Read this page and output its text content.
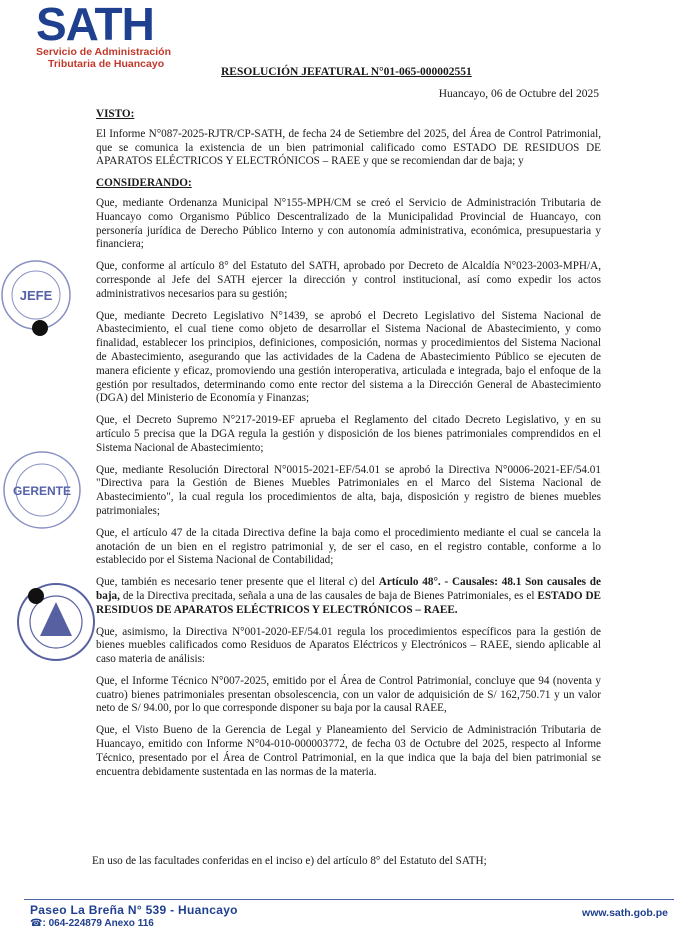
SATH
Servicio de Administración
Tributaria de Huancayo
RESOLUCIÓN JEFATURAL N°01-065-000002551
Huancayo, 06 de Octubre del 2025
VISTO:
El Informe N°087-2025-RJTR/CP-SATH, de fecha 24 de Setiembre del 2025, del Área de Control Patrimonial, que se comunica la existencia de un bien patrimonial calificado como ESTADO DE RESIDUOS DE APARATOS ELÉCTRICOS Y ELECTRÓNICOS – RAEE y que se recomiendan dar de baja; y
CONSIDERANDO:
Que, mediante Ordenanza Municipal N°155-MPH/CM se creó el Servicio de Administración Tributaria de Huancayo como Organismo Público Descentralizado de la Municipalidad Provincial de Huancayo, con personería jurídica de Derecho Público Interno y con autonomía administrativa, económica, presupuestaria y financiera;
Que, conforme al artículo 8° del Estatuto del SATH, aprobado por Decreto de Alcaldía N°023-2003-MPH/A, corresponde al Jefe del SATH ejercer la dirección y control institucional, así como expedir los actos administrativos necesarios para su gestión;
Que, mediante Decreto Legislativo N°1439, se aprobó el Decreto Legislativo del Sistema Nacional de Abastecimiento, el cual tiene como objeto de desarrollar el Sistema Nacional de Abastecimiento, y como finalidad, establecer los principios, definiciones, composición, normas y procedimientos del Sistema Nacional de Abastecimiento, asegurando que las actividades de la Cadena de Abastecimiento Público se ejecuten de manera eficiente y eficaz, promoviendo una gestión interoperativa, articulada e integrada, bajo el enfoque de la gestión por resultados, determinando como ente rector del sistema a la Dirección General de Abastecimiento (DGA) del Ministerio de Economía y Finanzas;
Que, el Decreto Supremo N°217-2019-EF aprueba el Reglamento del citado Decreto Legislativo, y en su artículo 5 precisa que la DGA regula la gestión y disposición de los bienes patrimoniales comprendidos en el Sistema Nacional de Abastecimiento;
Que, mediante Resolución Directoral N°0015-2021-EF/54.01 se aprobó la Directiva N°0006-2021-EF/54.01 "Directiva para la Gestión de Bienes Muebles Patrimoniales en el Marco del Sistema Nacional de Abastecimiento", la cual regula los procedimientos de alta, baja, disposición y registro de bienes muebles patrimoniales;
Que, el artículo 47 de la citada Directiva define la baja como el procedimiento mediante el cual se cancela la anotación de un bien en el registro patrimonial y, de ser el caso, en el registro contable, conforme a lo establecido por el Sistema Nacional de Contabilidad;
Que, también es necesario tener presente que el literal c) del Artículo 48°. - Causales: 48.1 Son causales de baja, de la Directiva precitada, señala a una de las causales de baja de Bienes Patrimoniales, es el ESTADO DE RESIDUOS DE APARATOS ELÉCTRICOS Y ELECTRÓNICOS – RAEE.
Que, asimismo, la Directiva N°001-2020-EF/54.01 regula los procedimientos específicos para la gestión de bienes muebles calificados como Residuos de Aparatos Eléctricos y Electrónicos – RAEE, siendo aplicable al caso materia de análisis:
Que, el Informe Técnico N°007-2025, emitido por el Área de Control Patrimonial, concluye que 94 (noventa y cuatro) bienes patrimoniales presentan obsolescencia, con un valor de adquisición de S/ 162,750.71 y un valor neto de S/ 94.00, por lo que corresponde disponer su baja por la causal RAEE,
Que, el Visto Bueno de la Gerencia de Legal y Planeamiento del Servicio de Administración Tributaria de Huancayo, emitido con Informe N°04-010-000003772, de fecha 03 de Octubre del 2025, respecto al Informe Técnico, presentado por el Área de Control Patrimonial, en la que indica que la baja del bien patrimonial se encuentra debidamente sustentada en las normas de la materia.
En uso de las facultades conferidas en el inciso e) del artículo 8° del Estatuto del SATH;
JEFE
GERENTE
Paseo La Breña N° 539 - Huancayo
☎: 064-224879 Anexo 116
www.sath.gob.pe
